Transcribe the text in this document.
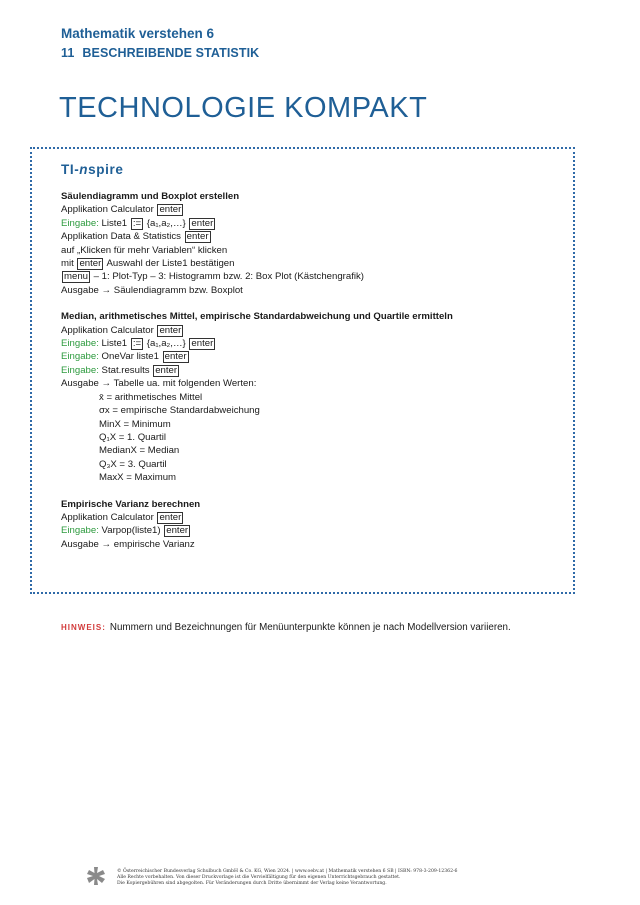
Mathematik verstehen 6
11 BESCHREIBENDE STATISTIK
TECHNOLOGIE KOMPAKT
TI-nspire
Säulendiagramm und Boxplot erstellen
Applikation Calculator enter
Eingabe: Liste1 := {a₁,a₂,…} enter
Applikation Data & Statistics enter
auf „Klicken für mehr Variablen“ klicken
mit enter Auswahl der Liste1 bestätigen
menu – 1: Plot-Typ – 3: Histogramm bzw. 2: Box Plot (Kästchengrafik)
Ausgabe → Säulendiagramm bzw. Boxplot
Median, arithmetisches Mittel, empirische Standardabweichung und Quartile ermitteln
Applikation Calculator enter
Eingabe: Liste1 := {a₁,a₂,…} enter
Eingabe: OneVar liste1 enter
Eingabe: Stat.results enter
Ausgabe → Tabelle ua. mit folgenden Werten:
x̄ = arithmetisches Mittel
σx = empirische Standardabweichung
MinX = Minimum
Q₁X = 1. Quartil
MedianX = Median
Q₃X = 3. Quartil
MaxX = Maximum
Empirische Varianz berechnen
Applikation Calculator enter
Eingabe: Varpop(liste1) enter
Ausgabe → empirische Varianz
HINWEIS: Nummern und Bezeichnungen für Menüunterpunkte können je nach Modellversion variieren.
© Österreichischer Bundesverlag Schulbuch GmbH & Co. KG, Wien 2024. | www.oebv.at | Mathematik verstehen 6 SB | ISBN: 978-3-209-12362-6
Alle Rechte vorbehalten. Von dieser Druckvorlage ist die Vervielfältigung für den eigenen Unterrichtsgebrauch gestattet.
Die Kopiergebühren sind abgegolten. Für Veränderungen durch Dritte übernimmt der Verlag keine Verantwortung.
